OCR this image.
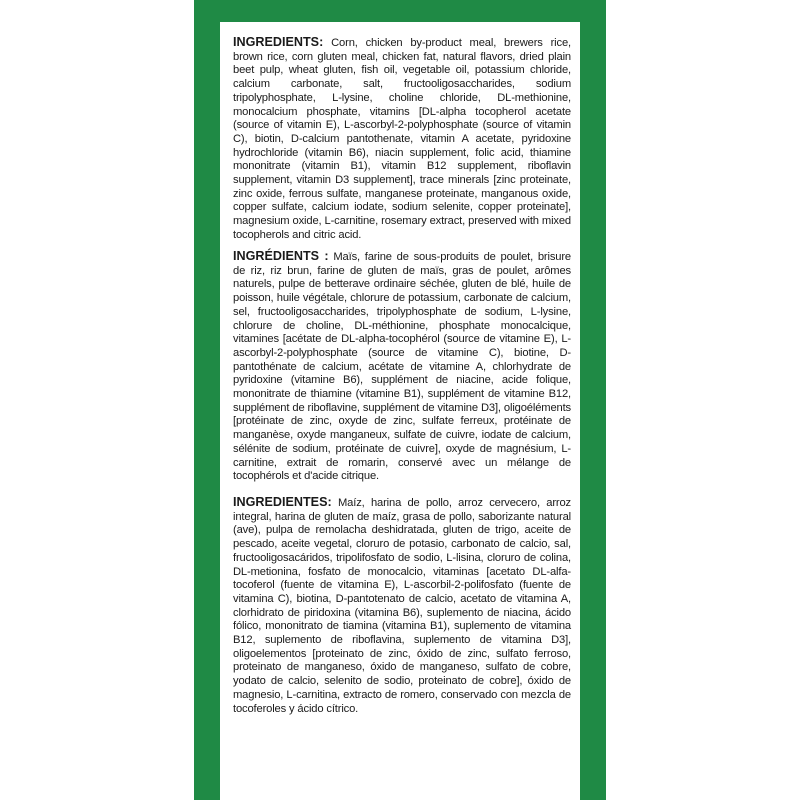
INGREDIENTS: Corn, chicken by-product meal, brewers rice, brown rice, corn gluten meal, chicken fat, natural flavors, dried plain beet pulp, wheat gluten, fish oil, vegetable oil, potassium chloride, calcium carbonate, salt, fructooligosaccharides, sodium tripolyphosphate, L-lysine, choline chloride, DL-methionine, monocalcium phosphate, vitamins [DL-alpha tocopherol acetate (source of vitamin E), L-ascorbyl-2-polyphosphate (source of vitamin C), biotin, D-calcium pantothenate, vitamin A acetate, pyridoxine hydrochloride (vitamin B6), niacin supplement, folic acid, thiamine mononitrate (vitamin B1), vitamin B12 supplement, riboflavin supplement, vitamin D3 supplement], trace minerals [zinc proteinate, zinc oxide, ferrous sulfate, manganese proteinate, manganous oxide, copper sulfate, calcium iodate, sodium selenite, copper proteinate], magnesium oxide, L-carnitine, rosemary extract, preserved with mixed tocopherols and citric acid.

INGRÉDIENTS : Maïs, farine de sous-produits de poulet, brisure de riz, riz brun, farine de gluten de maïs, gras de poulet, arômes naturels, pulpe de betterave ordinaire séchée, gluten de blé, huile de poisson, huile végétale, chlorure de potassium, carbonate de calcium, sel, fructooligosaccharides, tripolyphosphate de sodium, L-lysine, chlorure de choline, DL-méthionine, phosphate monocalcique, vitamines [acétate de DL-alpha-tocophérol (source de vitamine E), L-ascorbyl-2-polyphosphate (source de vitamine C), biotine, D-pantothénate de calcium, acétate de vitamine A, chlorhydrate de pyridoxine (vitamine B6), supplément de niacine, acide folique, mononitrate de thiamine (vitamine B1), supplément de vitamine B12, supplément de riboflavine, supplément de vitamine D3], oligoéléments [protéinate de zinc, oxyde de zinc, sulfate ferreux, protéinate de manganèse, oxyde manganeux, sulfate de cuivre, iodate de calcium, sélénite de sodium, protéinate de cuivre], oxyde de magnésium, L-carnitine, extrait de romarin, conservé avec un mélange de tocophérols et d'acide citrique.

INGREDIENTES: Maíz, harina de pollo, arroz cervecero, arroz integral, harina de gluten de maíz, grasa de pollo, saborizante natural (ave), pulpa de remolacha deshidratada, gluten de trigo, aceite de pescado, aceite vegetal, cloruro de potasio, carbonato de calcio, sal, fructooligosacáridos, tripolifosfato de sodio, L-lisina, cloruro de colina, DL-metionina, fosfato de monocalcio, vitaminas [acetato DL-alfa-tocoferol (fuente de vitamina E), L-ascorbil-2-polifosfato (fuente de vitamina C), biotina, D-pantotenato de calcio, acetato de vitamina A, clorhidrato de piridoxina (vitamina B6), suplemento de niacina, ácido fólico, mononitrato de tiamina (vitamina B1), suplemento de vitamina B12, suplemento de riboflavina, suplemento de vitamina D3], oligoelementos [proteinato de zinc, óxido de zinc, sulfato ferroso, proteinato de manganeso, óxido de manganeso, sulfato de cobre, yodato de calcio, selenito de sodio, proteinato de cobre], óxido de magnesio, L-carnitina, extracto de romero, conservado con mezcla de tocoferoles y ácido cítrico.
